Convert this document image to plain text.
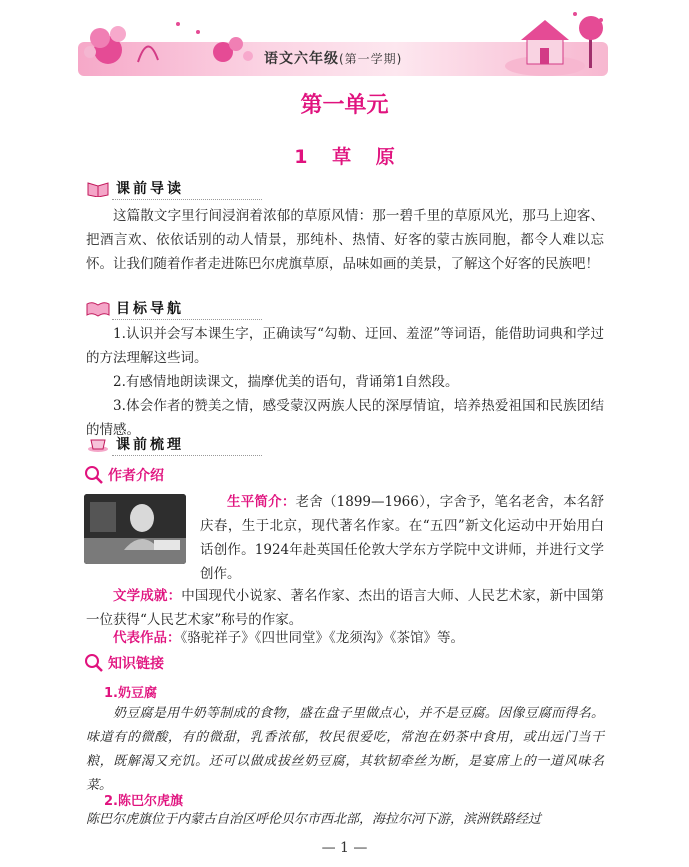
语文六年级(第一学期)
第一单元
1 草 原
课前导读
这篇散文字里行间浸润着浓郁的草原风情：那一碧千里的草原风光，那马上迎客、把酒言欢、依依话别的动人情景，那纯朴、热情、好客的蒙古族同胞，都令人难以忘怀。让我们随着作者走进陈巴尔虎旗草原，品味如画的美景，了解这个好客的民族吧！
目标导航
1.认识并会写本课生字，正确读写“勾勒、迂回、羞涩”等词语，能借助词典和学过的方法理解这些词。
2.有感情地朗读课文，揣摩优美的语句，背诵第1自然段。
3.体会作者的赞美之情，感受蒙汉两族人民的深厚情谊，培养热爱祖国和民族团结的情感。
课前梳理
作者介绍
生平简介：老舍（1899—1966），字舍予，笔名老舍，本名舒庆春，生于北京，现代著名作家。在“五四”新文化运动中开始用白话创作。1924年赴英国任伦敦大学东方学院中文讲师，并进行文学创作。
文学成就：中国现代小说家、著名作家、杰出的语言大师、人民艺术家，新中国第一位获得“人民艺术家”称号的作家。
代表作品：《骆驼祥子》《四世同堂》《龙须沟》《茶馆》等。
知识链接
1.奶豆腐
奶豆腐是用牛奶等制成的食物，盛在盘子里做点心，并不是豆腐。因像豆腐而得名。味道有的微酸，有的微甜，乳香浓郁，牧民很爱吃，常泡在奶茶中食用，或出远门当干粮，既解渴又充饥。还可以做成拔丝奶豆腐，其软韧牵丝为断，是宴席上的一道风味名菜。
2.陈巴尔虎旗
陈巴尔虎旗位于内蒙古自治区呼伦贝尔市西北部，海拉尔河下游，滨洲铁路经过
— 1 —
